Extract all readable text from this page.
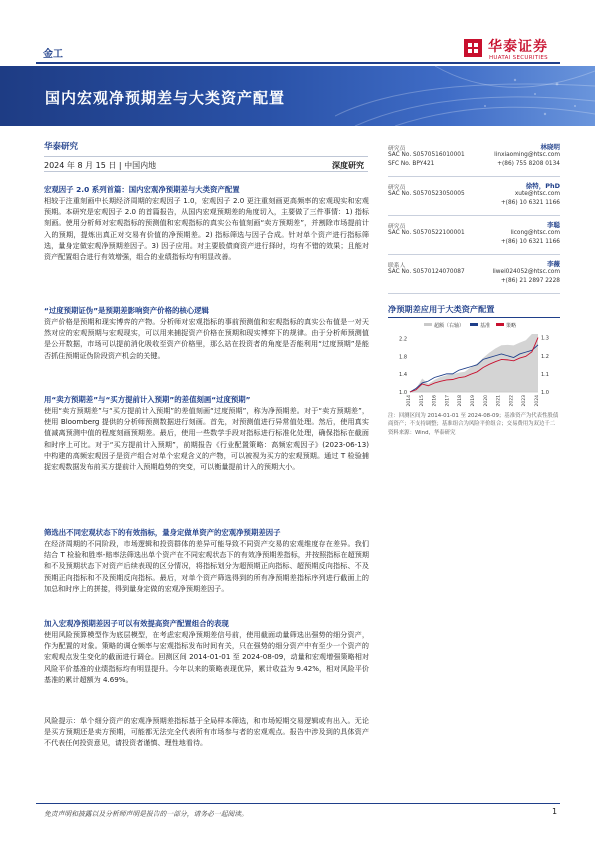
金工	华泰证券
HUATAI SECURITIES
国内宏观净预期差与大类资产配置
华泰研究
2024 年 8 月 15 日 | 中国内地	深度研究
宏观因子 2.0 系列首篇：国内宏观净预期差与大类资产配置
相较于注重刻画中长期经济周期的宏观因子 1.0，宏观因子 2.0 更注重刻画更高频率的宏观现实和宏观预期。本研究是宏观因子 2.0 的首篇报告，从国内宏观预期差的角度切入，主要做了三件事情：1) 指标刻画。使用分析师对宏观指标的预测值和宏观指标的真实公布值刻画“卖方预期差”，并割除市场提前计入的预期，提炼出真正对交易有价值的净预期差。2) 指标筛选与因子合成。针对单个资产进行指标筛选，量身定做宏观净预期差因子。3) 因子应用。对主要股债商资产进行择时，均有不错的效果；且能对资产配置组合进行有效增强，组合的业绩指标均有明显改善。
“过度预期证伪”是预期差影响资产价格的核心逻辑
资产价格是预期和现实博弈的产物。分析师对宏观指标的事前预测值和宏观指标的真实公布值是一对天然对应的宏观预期与宏观现实，可以用来捕捉资产价格在预期和现实博弈下的规律。由于分析师预测值是公开数据，市场可以提前消化吸收至资产价格里，那么站在投资者的角度是否能利用“过度预期”是能否抓住预期证伪阶段资产机会的关键。
用“卖方预期差”与“买方提前计入预期”的差值刻画“过度预期”
使用“卖方预期差”与“买方提前计入预期”的差值刻画“过度预期”，称为净预期差。对于“卖方预期差”，使用 Bloomberg 提供的分析师预测数据进行刻画。首先，对预测值进行异常值处理。然后，使用真实值减离预测中值的程度刻画预期差。最后，使用一些数学手段对指标进行标准化处理，确保指标在截面和时序上可比。对于“买方提前计入预期”，前期报告《行业配置策略：高频宏观因子》(2023-06-13) 中构建的高频宏观因子是资产组合对单个宏观含义的产物，可以被视为买方的宏观预期。通过 T 检验捕捉宏观数据发布前买方提前计入预期趋势的突变，可以衡量提前计入的预期大小。
筛选出不同宏观状态下的有效指标，量身定做单资产的宏观净预期差因子
在经济周期的不同阶段，市场逻辑和投资群体的差异可能导致不同资产交易的宏观维度存在差异。我们结合 T 检验和胜率-赔率法筛选出单个资产在不同宏观状态下的有效净预期差指标，并按照指标在超预期和不及预期状态下对资产后续表现的区分情况，将指标划分为超预期正向指标、超预期反向指标、不及预期正向指标和不及预期反向指标。最后，对单个资产筛选得到的所有净预期差指标序列进行截面上的加总和时序上的拼接，得到量身定做的宏观净预期差因子。
加入宏观净预期差因子可以有效提高资产配置组合的表现
使用风险预算模型作为底层模型，在考虑宏观净预期差信号前，使用截面动量筛选出强势的细分资产，作为配置的对象。策略的调仓频率与宏观指标发布时间有关，只在强势的细分资产中有至少一个资产的宏观观点发生变化的截面进行调仓。回测区间 2014-01-01 至 2024-08-09，动量和宏观增强策略相对风险平价基准的业绩指标均有明显提升。今年以来的策略表现优异，累计收益为 9.42%，相对风险平价基准的累计超额为 4.69%。
风险提示：单个细分资产的宏观净预期差指标基于全局样本筛选，和市场短期交易逻辑或有出入。无论是买方预期还是卖方预期，可能都无法完全代表所有市场参与者的宏观观点。报告中涉及到的具体资产不代表任何投资意见，请投资者谨慎、理性地看待。
研究员	林晓明
SAC No. S0570516010001	linxiaoming@htsc.com
SFC No. BPY421	+(86) 755 8208 0134
研究员	徐特，PhD
SAC No. S0570523050005	xute@htsc.com
+(86) 10 6321 1166
研究员	李聪
SAC No. S0570522100001	licong@htsc.com
+(86) 10 6321 1166
联系人	李薇
SAC No. S0570124070087	liwei024052@htsc.com
+(86) 21 2897 2228
净预期差应用于大类资产配置
超额（右轴）	基准	策略
2.2
1.8
1.4
1.0
1.3
1.2
1.1
1.0
2014 2015 2016 2017 2018 2019 2020 2021 2022 2023 2024
注：回测区间为 2014-01-01 至 2024-08-09；基准资产为代表性股债商资产；不支持调整；基准组合为风险平价组合；交易费用为双边千二
资料来源：Wind，华泰研究
免责声明和披露以及分析师声明是报告的一部分，请务必一起阅读。	1
